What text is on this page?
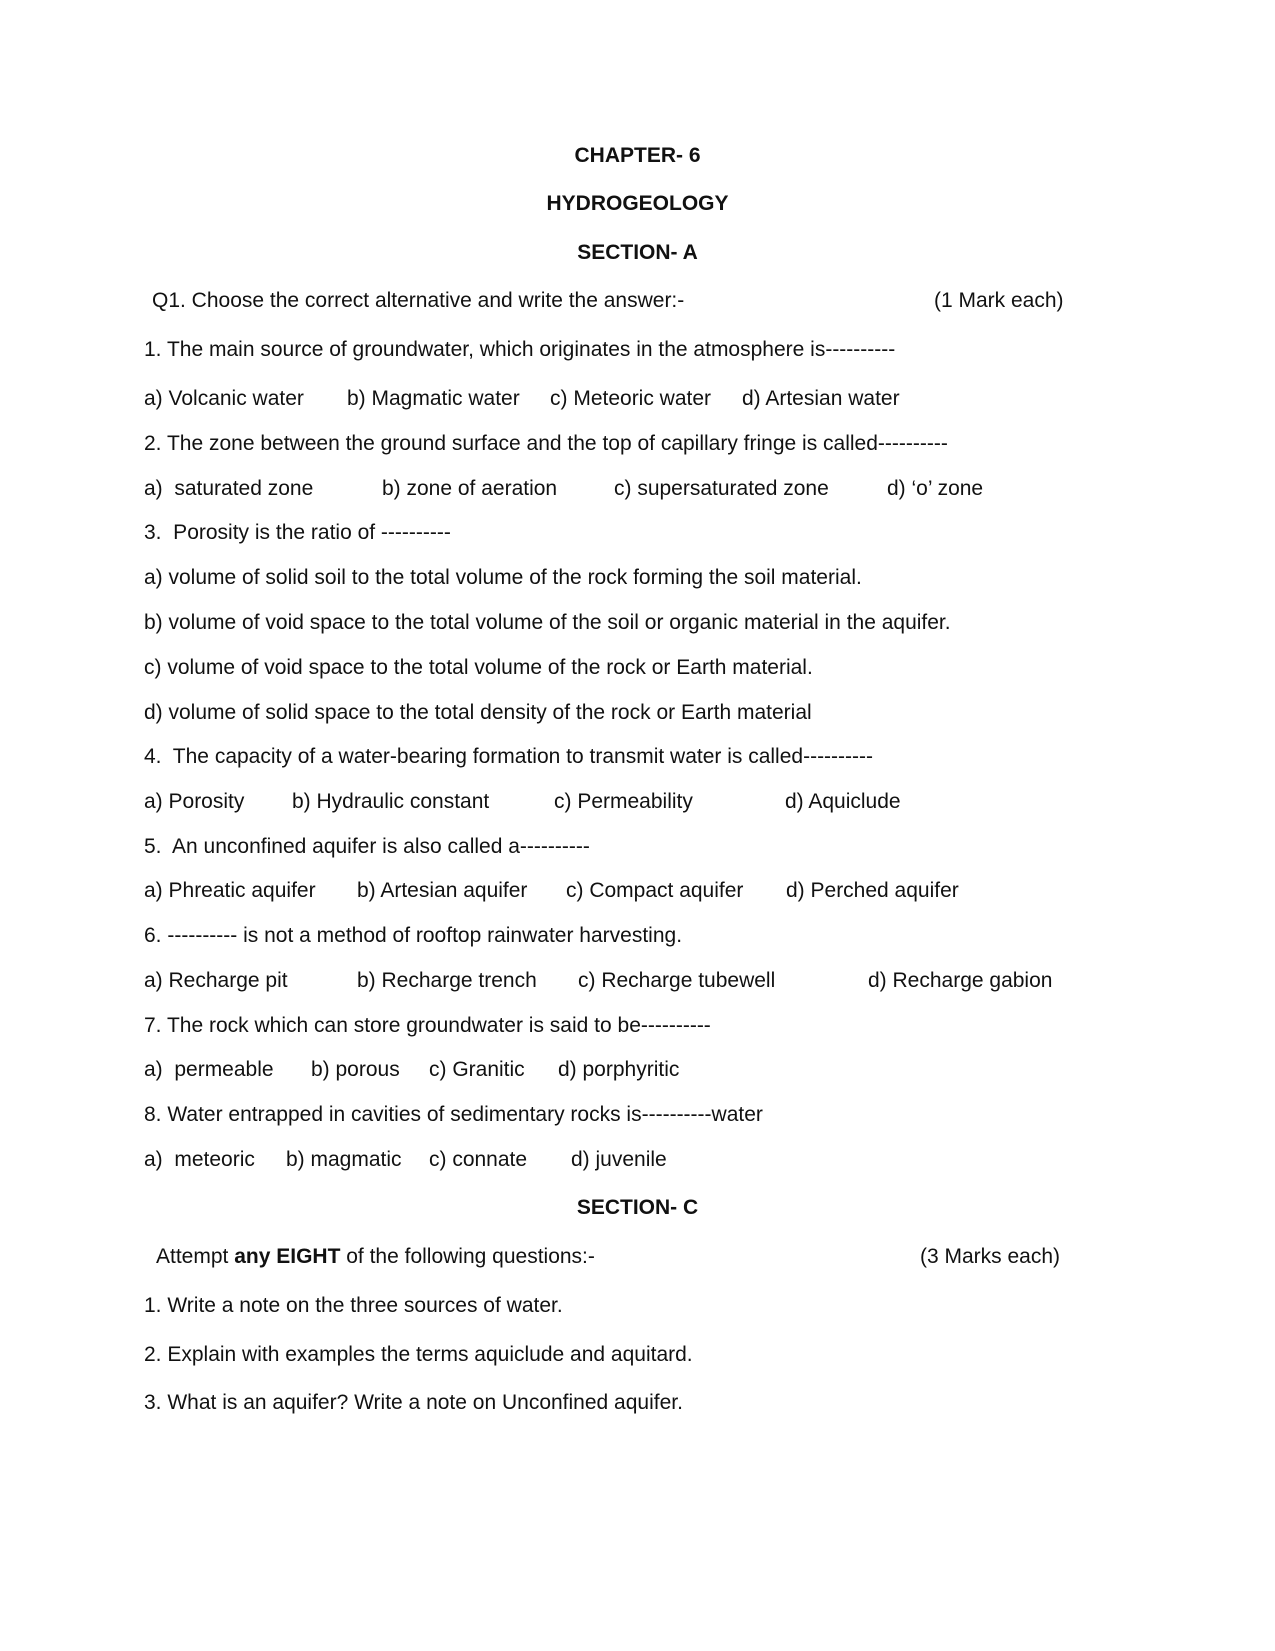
CHAPTER- 6
HYDROGEOLOGY
SECTION- A
Q1. Choose the correct alternative and write the answer:-	(1 Mark each)
1. The main source of groundwater, which originates in the atmosphere is----------
a) Volcanic water b) Magmatic water c) Meteoric water d) Artesian water
2. The zone between the ground surface and the top of capillary fringe is called----------
a)  saturated zone	b) zone of aeration	c) supersaturated zone	d) ‘o’ zone
3.  Porosity is the ratio of ----------
a) volume of solid soil to the total volume of the rock forming the soil material.
b) volume of void space to the total volume of the soil or organic material in the aquifer.
c) volume of void space to the total volume of the rock or Earth material.
d) volume of solid space to the total density of the rock or Earth material
4.  The capacity of a water-bearing formation to transmit water is called----------
a) Porosity b) Hydraulic constant	c) Permeability	d) Aquiclude
5.  An unconfined aquifer is also called a----------
a) Phreatic aquifer b) Artesian aquifer c) Compact aquifer d) Perched aquifer
6. ---------- is not a method of rooftop rainwater harvesting.
a) Recharge pit	b) Recharge trench c) Recharge tubewell	d) Recharge gabion
7. The rock which can store groundwater is said to be----------
a)  permeable b) porous c) Granitic d) porphyritic
8. Water entrapped in cavities of sedimentary rocks is----------water
a)  meteoric b) magmatic c) connate d) juvenile
SECTION- C
Attempt any EIGHT of the following questions:-	(3 Marks each)
1. Write a note on the three sources of water.
2. Explain with examples the terms aquiclude and aquitard.
3. What is an aquifer? Write a note on Unconfined aquifer.
